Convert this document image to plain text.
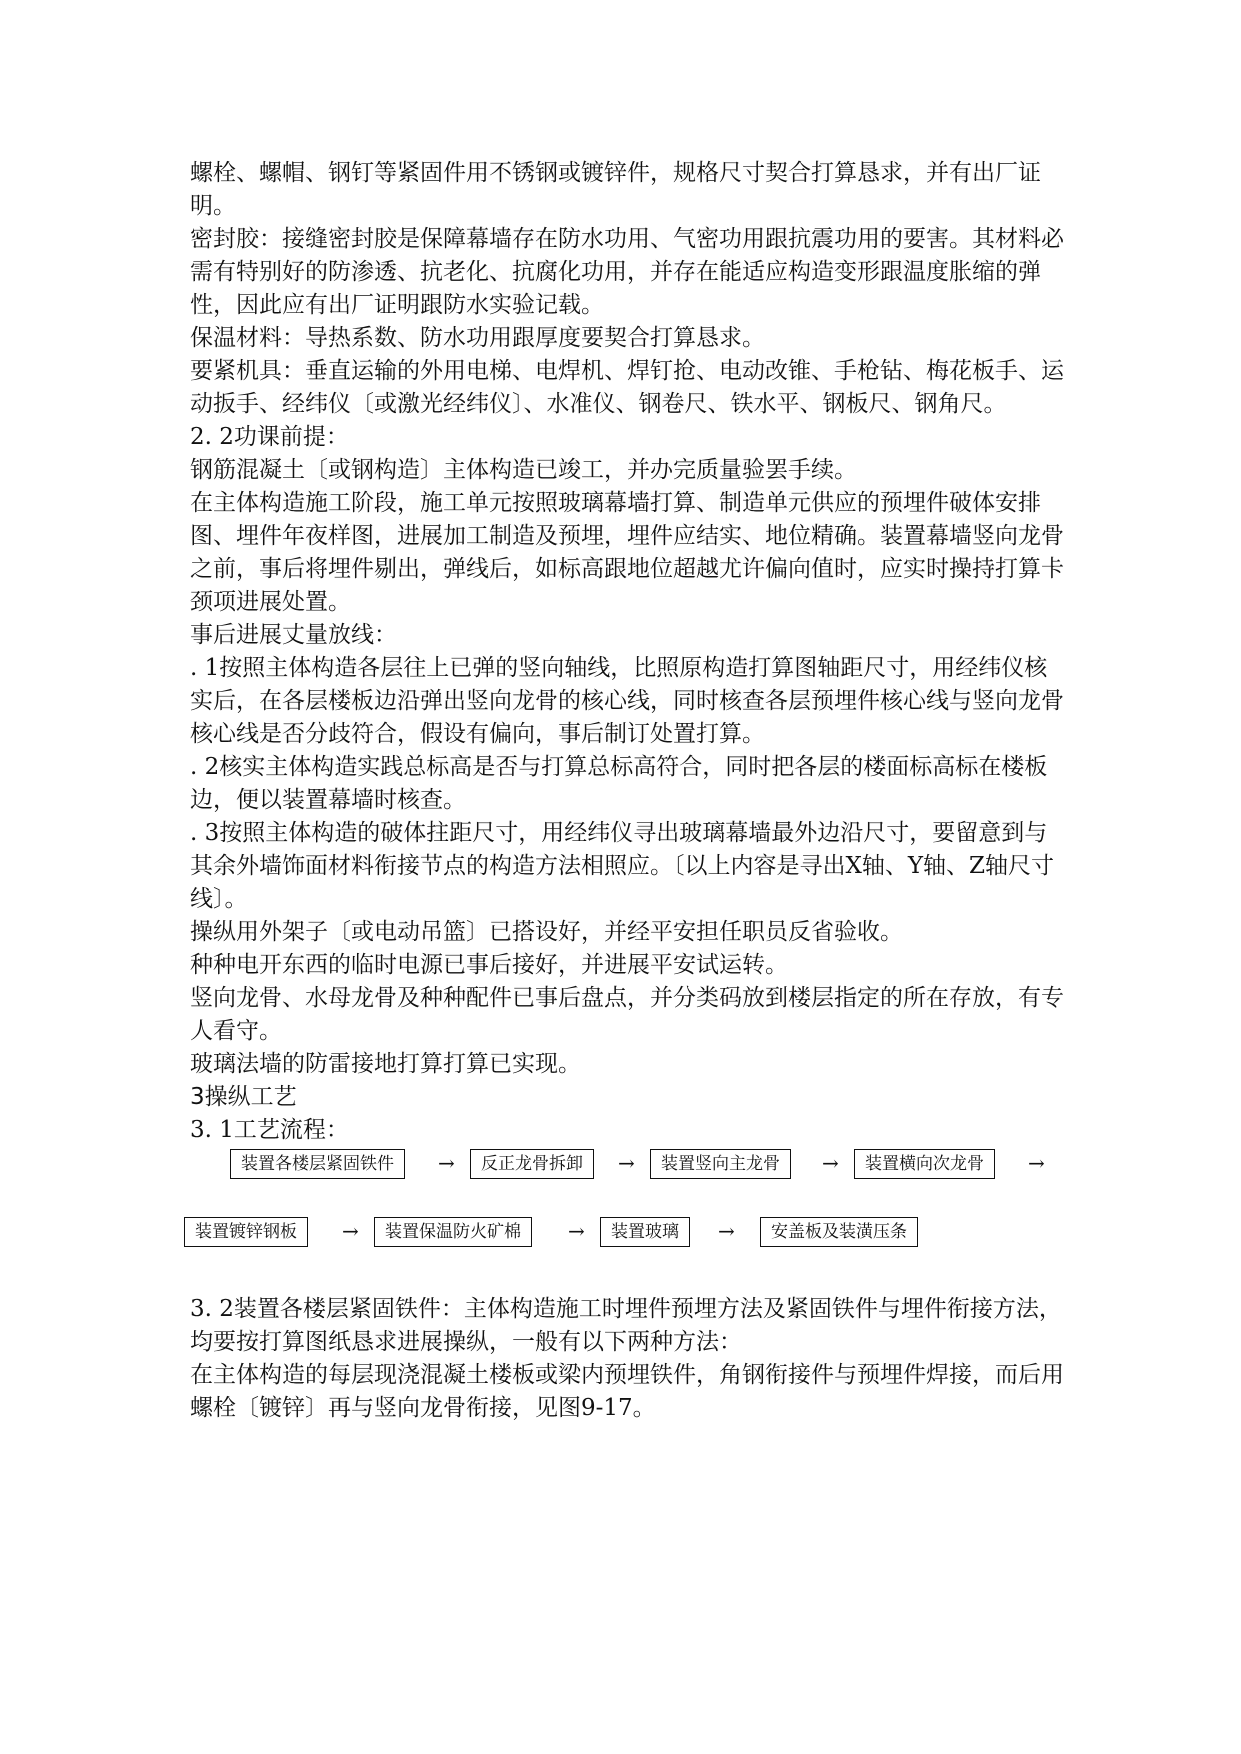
螺栓、螺帽、钢钉等紧固件用不锈钢或镀锌件，规格尺寸契合打算恳求，并有出厂证明。

密封胶：接缝密封胶是保障幕墙存在防水功用、气密功用跟抗震功用的要害。其材料必需有特别好的防渗透、抗老化、抗腐化功用，并存在能适应构造变形跟温度胀缩的弹性，因此应有出厂证明跟防水实验记载。

保温材料：导热系数、防水功用跟厚度要契合打算恳求。

要紧机具：垂直运输的外用电梯、电焊机、焊钉抢、电动改锥、手枪钻、梅花板手、运动扳手、经纬仪〔或激光经纬仪〕、水准仪、钢卷尺、铁水平、钢板尺、钢角尺。

2. 2功课前提：

钢筋混凝土〔或钢构造〕主体构造已竣工，并办完质量验罢手续。

在主体构造施工阶段，施工单元按照玻璃幕墙打算、制造单元供应的预埋件破体安排图、埋件年夜样图，进展加工制造及预埋，埋件应结实、地位精确。装置幕墙竖向龙骨之前，事后将埋件剔出，弹线后，如标高跟地位超越尤许偏向值时，应实时操持打算卡颈项进展处置。

事后进展丈量放线：

. 1按照主体构造各层往上已弹的竖向轴线，比照原构造打算图轴距尺寸，用经纬仪核实后，在各层楼板边沿弹出竖向龙骨的核心线，同时核查各层预埋件核心线与竖向龙骨核心线是否分歧符合，假设有偏向，事后制订处置打算。

. 2核实主体构造实践总标高是否与打算总标高符合，同时把各层的楼面标高标在楼板边，便以装置幕墙时核查。

. 3按照主体构造的破体拄距尺寸，用经纬仪寻出玻璃幕墙最外边沿尺寸，要留意到与其余外墙饰面材料衔接节点的构造方法相照应。〔以上内容是寻出X轴、Y轴、Z轴尺寸线〕。

操纵用外架子〔或电动吊篮〕已搭设好，并经平安担任职员反省验收。

种种电开东西的临时电源已事后接好，并进展平安试运转。

竖向龙骨、水母龙骨及种种配件已事后盘点，并分类码放到楼层指定的所在存放，有专人看守。

玻璃法墙的防雷接地打算打算已实现。

3操纵工艺

3. 1工艺流程：

装置各楼层紧固铁件	→	反正龙骨拆卸	→	装置竖向主龙骨	→	装置横向次龙骨	→
装置镀锌钢板	→	装置保温防火矿棉	→	装置玻璃	→	安盖板及装潢压条

3. 2装置各楼层紧固铁件：主体构造施工时埋件预埋方法及紧固铁件与埋件衔接方法，均要按打算图纸恳求进展操纵，一般有以下两种方法：

在主体构造的每层现浇混凝土楼板或梁内预埋铁件，角钢衔接件与预埋件焊接，而后用螺栓〔镀锌〕再与竖向龙骨衔接，见图9-17。
